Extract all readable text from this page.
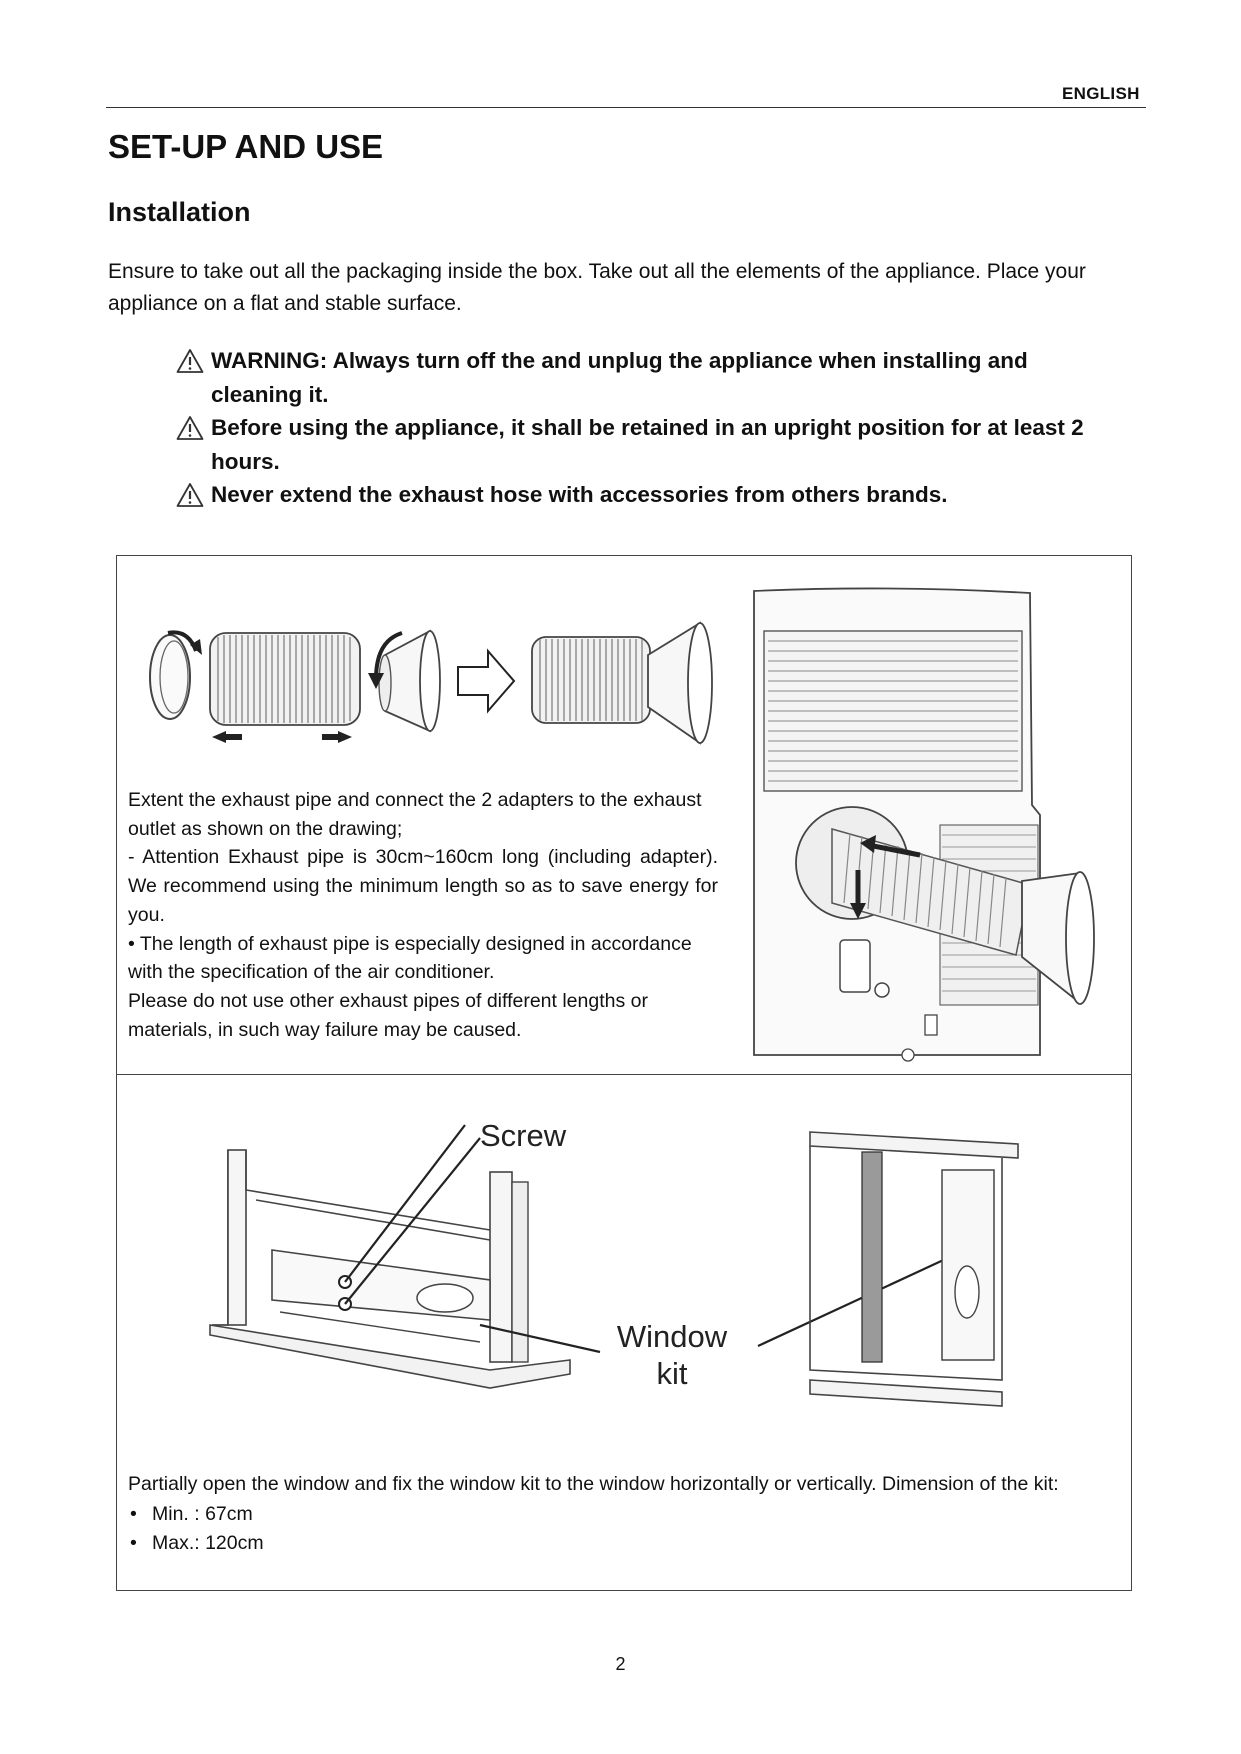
ENGLISH
SET-UP AND USE
Installation

Ensure to take out all the packaging inside the box. Take out all the elements of the appliance. Place your appliance on a flat and stable surface.

WARNING: Always turn off the and unplug the appliance when installing and cleaning it.
Before using the appliance, it shall be retained in an upright position for at least 2 hours.
Never extend the exhaust hose with accessories from others brands.

Extent the exhaust pipe and connect the 2 adapters to the exhaust outlet as shown on the drawing;

- Attention Exhaust pipe is 30cm~160cm long (including adapter). We recommend using the minimum length so as to save energy for you.

• The length of exhaust pipe is especially designed in accordance with the specification of the air conditioner.

Please do not use other exhaust pipes of different lengths or materials, in such way failure may be caused.

Screw
Window
kit

Partially open the window and fix the window kit to the window horizontally or vertically. Dimension of the kit:

• Min. : 67cm
• Max.: 120cm
2
